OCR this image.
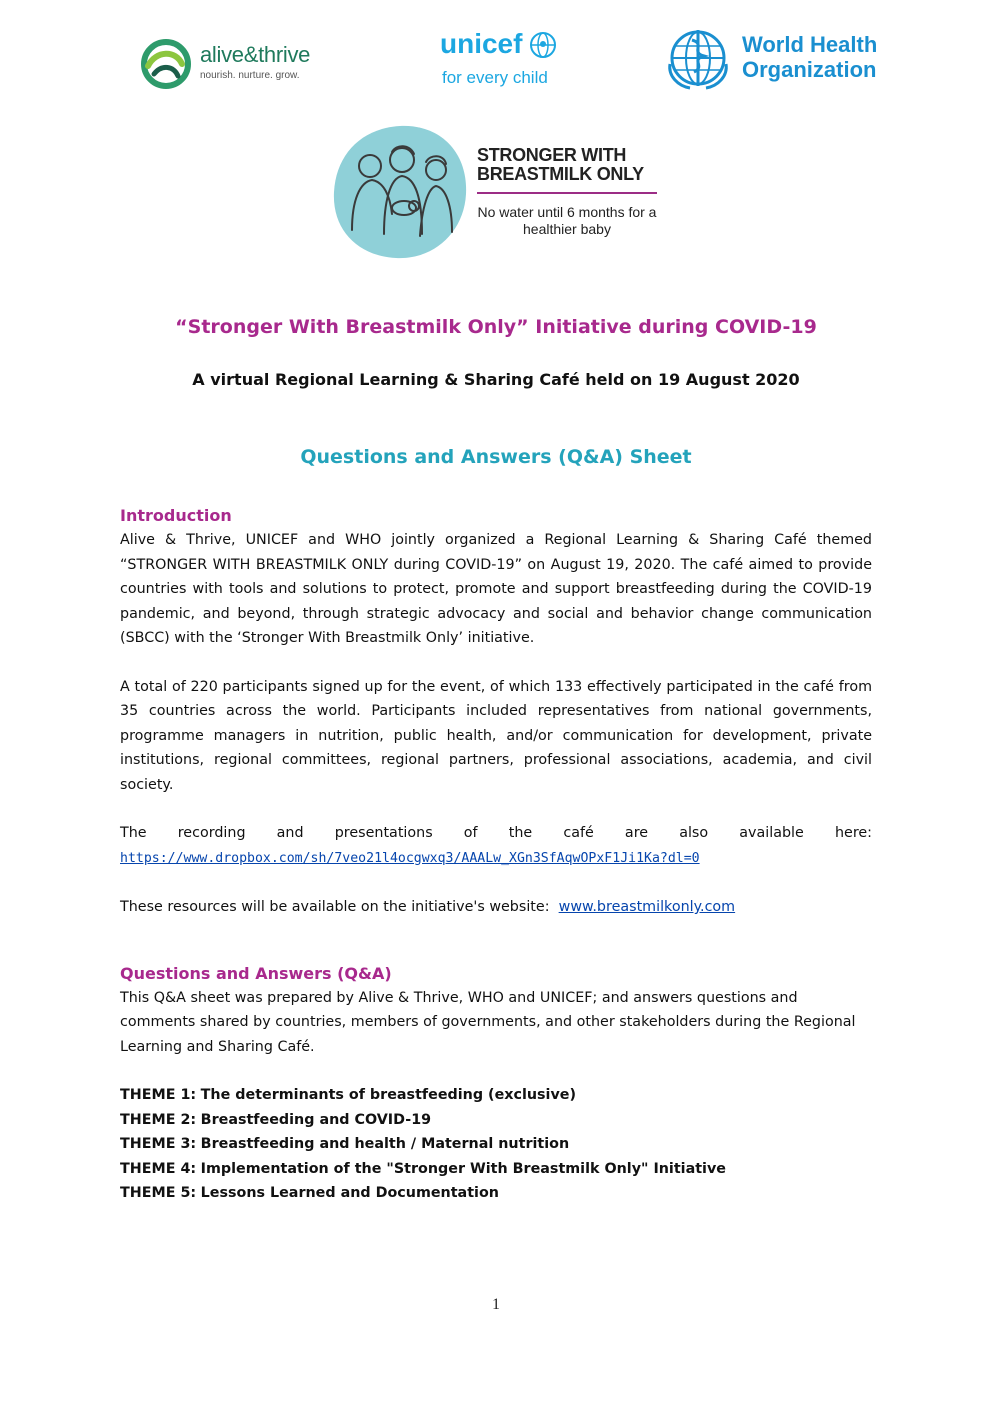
alive&thrive
nourish. nurture. grow.
unicef
for every child
World Health Organization
STRONGER WITH BREASTMILK ONLY
No water until 6 months for a healthier baby
“Stronger With Breastmilk Only” Initiative during COVID-19
A virtual Regional Learning & Sharing Café held on 19 August 2020
Questions and Answers (Q&A) Sheet
Introduction

Alive & Thrive, UNICEF and WHO jointly organized a Regional Learning & Sharing Café themed “STRONGER WITH BREASTMILK ONLY during COVID-19” on August 19, 2020. The café aimed to provide countries with tools and solutions to protect, promote and support breastfeeding during the COVID-19 pandemic, and beyond, through strategic advocacy and social and behavior change communication (SBCC) with the ‘Stronger With Breastmilk Only’ initiative.

A total of 220 participants signed up for the event, of which 133 effectively participated in the café from 35 countries across the world. Participants included representatives from national governments, programme managers in nutrition, public health, and/or communication for development, private institutions, regional committees, regional partners, professional associations, academia, and civil society.

The recording and presentations of the café are also available here:

https://www.dropbox.com/sh/7veo21l4ocgwxq3/AAALw_XGn3SfAqwOPxF1Ji1Ka?dl=0

These resources will be available on the initiative's website: www.breastmilkonly.com

Questions and Answers (Q&A)

This Q&A sheet was prepared by Alive & Thrive, WHO and UNICEF; and answers questions and comments shared by countries, members of governments, and other stakeholders during the Regional Learning and Sharing Café.

THEME 1: The determinants of breastfeeding (exclusive)
THEME 2: Breastfeeding and COVID-19
THEME 3: Breastfeeding and health / Maternal nutrition
THEME 4: Implementation of the "Stronger With Breastmilk Only" Initiative
THEME 5: Lessons Learned and Documentation
1
